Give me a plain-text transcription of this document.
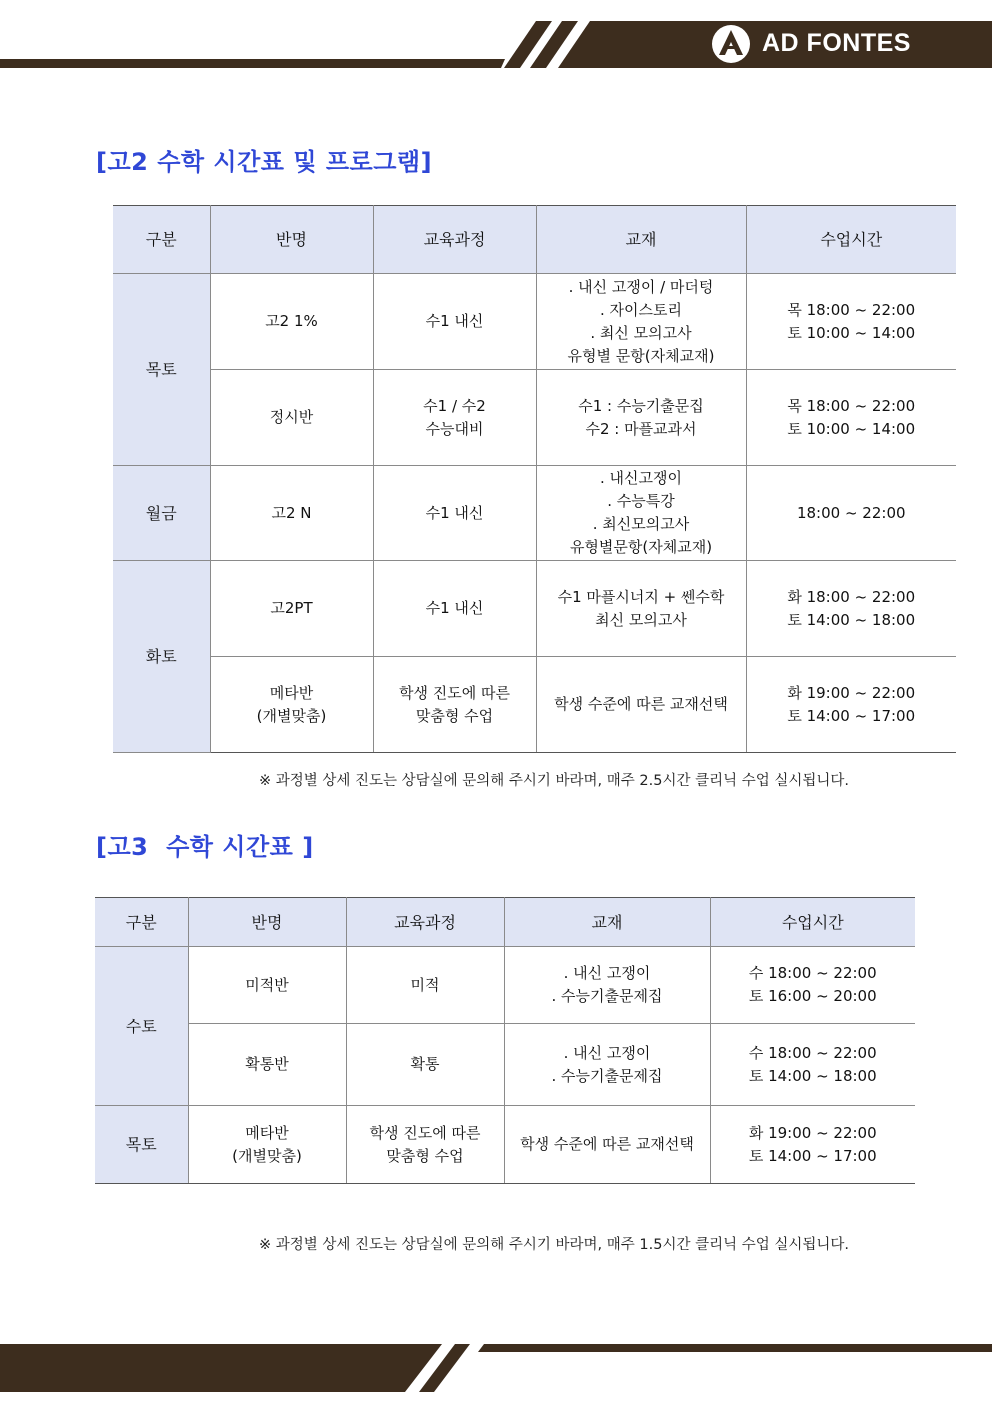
AD FONTES
[고2 수학 시간표 및 프로그램]
구분	반명	교육과정	교재	수업시간
목토	고2 1%	수1 내신	. 내신 고쟁이 / 마더텅
. 자이스토리
. 최신 모의고사
유형별 문항(자체교재)	목 18:00 ~ 22:00
토 10:00 ~ 14:00

	정시반	수1 / 수2
수능대비	수1 : 수능기출문집
수2 : 마플교과서	목 18:00 ~ 22:00
토 10:00 ~ 14:00

월금	고2 N	수1 내신	. 내신고쟁이
. 수능특강
. 최신모의고사
유형별문항(자체교재)	18:00 ~ 22:00

화토	고2PT	수1 내신	수1 마플시너지 + 쎈수학
최신 모의고사	화 18:00 ~ 22:00
토 14:00 ~ 18:00

	메타반
(개별맞춤)	학생 진도에 따른
맞춤형 수업	학생 수준에 따른 교재선택	화 19:00 ~ 22:00
토 14:00 ~ 17:00
※ 과정별 상세 진도는 상담실에 문의해 주시기 바라며, 매주 2.5시간 클리닉 수업 실시됩니다.
[고3  수학 시간표 ]
구분	반명	교육과정	교재	수업시간
수토	미적반	미적	. 내신 고쟁이
. 수능기출문제집	수 18:00 ~ 22:00
토 16:00 ~ 20:00

	확통반	확통	. 내신 고쟁이
. 수능기출문제집	수 18:00 ~ 22:00
토 14:00 ~ 18:00

목토	메타반
(개별맞춤)	학생 진도에 따른
맞춤형 수업	학생 수준에 따른 교재선택	화 19:00 ~ 22:00
토 14:00 ~ 17:00
※ 과정별 상세 진도는 상담실에 문의해 주시기 바라며, 매주 1.5시간 클리닉 수업 실시됩니다.
